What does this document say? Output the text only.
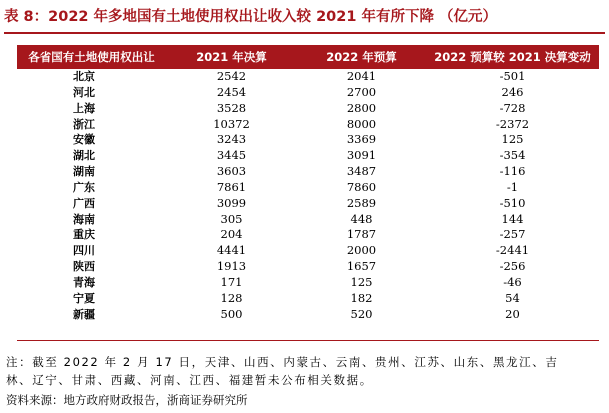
表 8：2022 年多地国有土地使用权出让收入较 2021 年有所下降 （亿元）
各省国有土地使用权出让	2021 年决算	2022 年预算	2022 预算较 2021 决算变动
北京	2542	2041	-501
河北	2454	2700	246
上海	3528	2800	-728
浙江	10372	8000	-2372
安徽	3243	3369	125
湖北	3445	3091	-354
湖南	3603	3487	-116
广东	7861	7860	-1
广西	3099	2589	-510
海南	305	448	144
重庆	204	1787	-257
四川	4441	2000	-2441
陕西	1913	1657	-256
青海	171	125	-46
宁夏	128	182	54
新疆	500	520	20
注：截至 2022 年 2 月 17 日，天津、山西、内蒙古、云南、贵州、江苏、山东、黑龙江、吉
林、辽宁、甘肃、西藏、河南、江西、福建暂未公布相关数据。
资料来源：地方政府财政报告，浙商证券研究所
